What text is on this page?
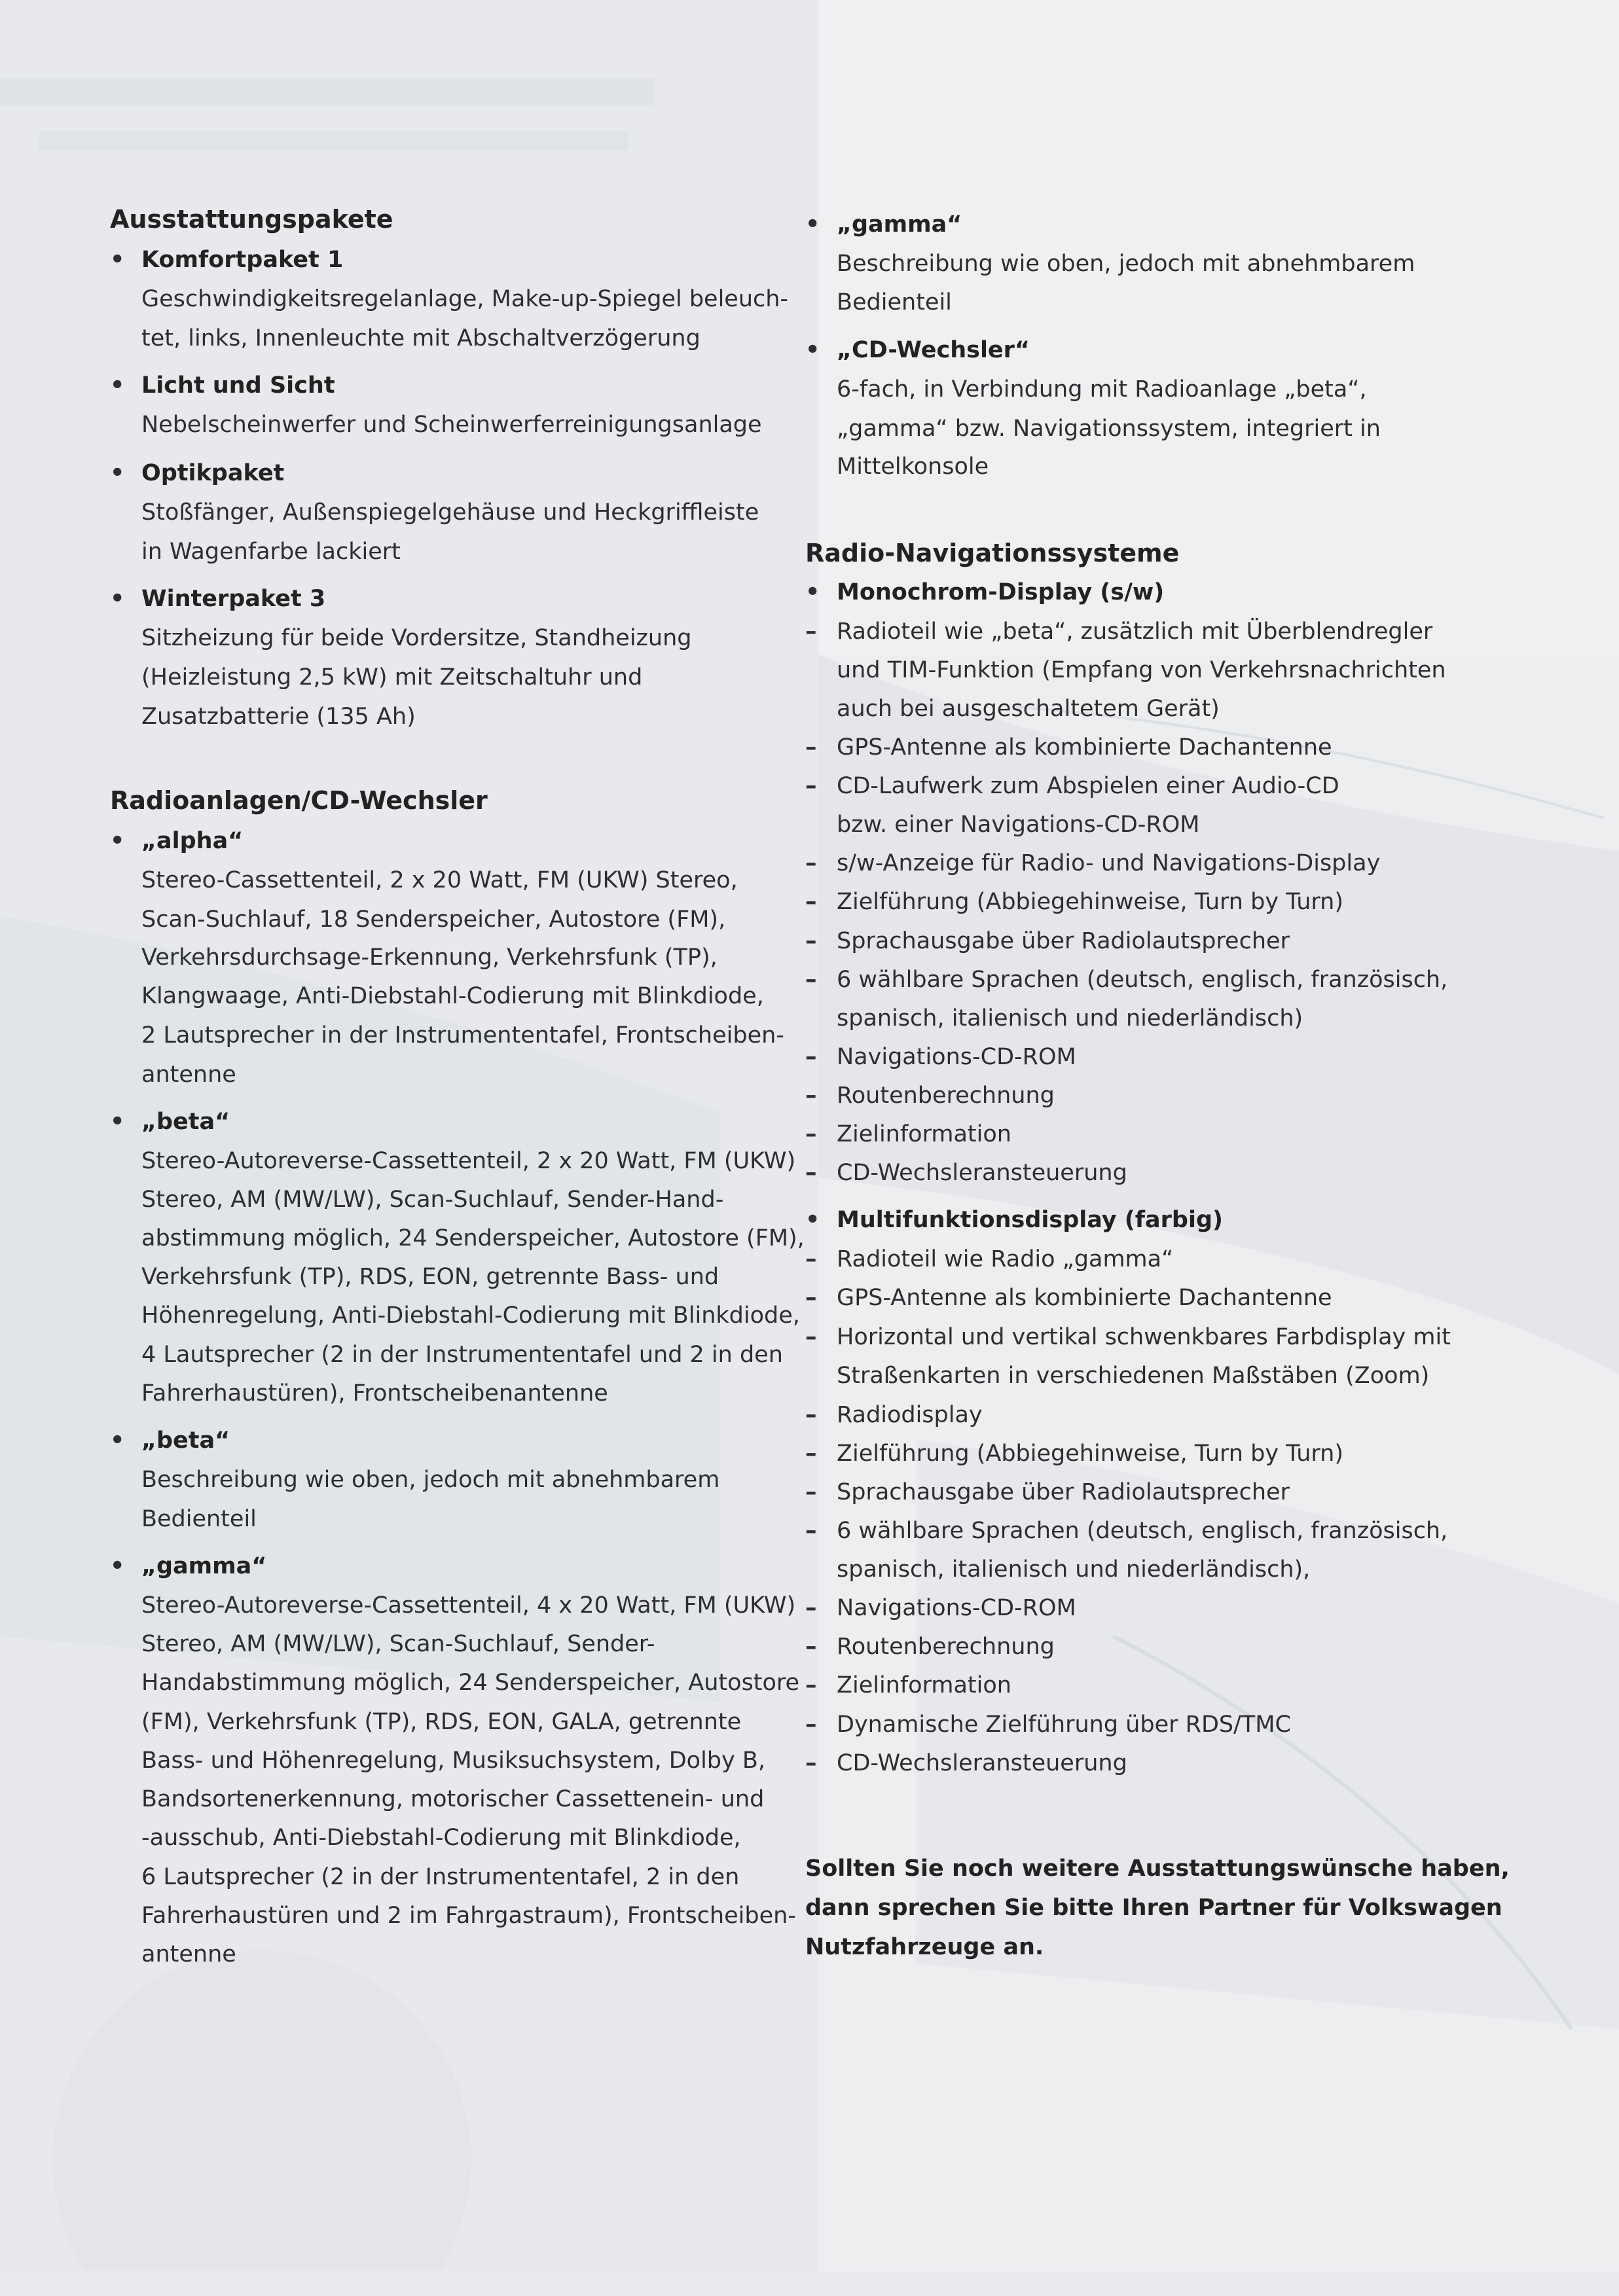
Ausstattungspakete
• Komfortpaket 1
Geschwindigkeitsregelanlage, Make-up-Spiegel beleuch-
tet, links, Innenleuchte mit Abschaltverzögerung
• Licht und Sicht
Nebelscheinwerfer und Scheinwerferreinigungsanlage
• Optikpaket
Stoßfänger, Außenspiegelgehäuse und Heckgriffleiste
in Wagenfarbe lackiert
• Winterpaket 3
Sitzheizung für beide Vordersitze, Standheizung
(Heizleistung 2,5 kW) mit Zeitschaltuhr und
Zusatzbatterie (135 Ah)
Radioanlagen/CD-Wechsler
• „alpha“
Stereo-Cassettenteil, 2 x 20 Watt, FM (UKW) Stereo,
Scan-Suchlauf, 18 Senderspeicher, Autostore (FM),
Verkehrsdurchsage-Erkennung, Verkehrsfunk (TP),
Klangwaage, Anti-Diebstahl-Codierung mit Blinkdiode,
2 Lautsprecher in der Instrumententafel, Frontscheiben-
antenne
• „beta“
Stereo-Autoreverse-Cassettenteil, 2 x 20 Watt, FM (UKW)
Stereo, AM (MW/LW), Scan-Suchlauf, Sender-Hand-
abstimmung möglich, 24 Senderspeicher, Autostore (FM),
Verkehrsfunk (TP), RDS, EON, getrennte Bass- und
Höhenregelung, Anti-Diebstahl-Codierung mit Blinkdiode,
4 Lautsprecher (2 in der Instrumententafel und 2 in den
Fahrerhaustüren), Frontscheibenantenne
• „beta“
Beschreibung wie oben, jedoch mit abnehmbarem
Bedienteil
• „gamma“
Stereo-Autoreverse-Cassettenteil, 4 x 20 Watt, FM (UKW)
Stereo, AM (MW/LW), Scan-Suchlauf, Sender-
Handabstimmung möglich, 24 Senderspeicher, Autostore
(FM), Verkehrsfunk (TP), RDS, EON, GALA, getrennte
Bass- und Höhenregelung, Musiksuchsystem, Dolby B,
Bandsortenerkennung, motorischer Cassettenein- und
-ausschub, Anti-Diebstahl-Codierung mit Blinkdiode,
6 Lautsprecher (2 in der Instrumententafel, 2 in den
Fahrerhaustüren und 2 im Fahrgastraum), Frontscheiben-
antenne
• „gamma“
Beschreibung wie oben, jedoch mit abnehmbarem
Bedienteil
• „CD-Wechsler“
6-fach, in Verbindung mit Radioanlage „beta“,
„gamma“ bzw. Navigationssystem, integriert in
Mittelkonsole
Radio-Navigationssysteme
• Monochrom-Display (s/w)
– Radioteil wie „beta“, zusätzlich mit Überblendregler
und TIM-Funktion (Empfang von Verkehrsnachrichten
auch bei ausgeschaltetem Gerät)
– GPS-Antenne als kombinierte Dachantenne
– CD-Laufwerk zum Abspielen einer Audio-CD
bzw. einer Navigations-CD-ROM
– s/w-Anzeige für Radio- und Navigations-Display
– Zielführung (Abbiegehinweise, Turn by Turn)
– Sprachausgabe über Radiolautsprecher
– 6 wählbare Sprachen (deutsch, englisch, französisch,
spanisch, italienisch und niederländisch)
– Navigations-CD-ROM
– Routenberechnung
– Zielinformation
– CD-Wechsleransteuerung
• Multifunktionsdisplay (farbig)
– Radioteil wie Radio „gamma“
– GPS-Antenne als kombinierte Dachantenne
– Horizontal und vertikal schwenkbares Farbdisplay mit
Straßenkarten in verschiedenen Maßstäben (Zoom)
– Radiodisplay
– Zielführung (Abbiegehinweise, Turn by Turn)
– Sprachausgabe über Radiolautsprecher
– 6 wählbare Sprachen (deutsch, englisch, französisch,
spanisch, italienisch und niederländisch),
– Navigations-CD-ROM
– Routenberechnung
– Zielinformation
– Dynamische Zielführung über RDS/TMC
– CD-Wechsleransteuerung
Sollten Sie noch weitere Ausstattungswünsche haben,
dann sprechen Sie bitte Ihren Partner für Volkswagen
Nutzfahrzeuge an.
